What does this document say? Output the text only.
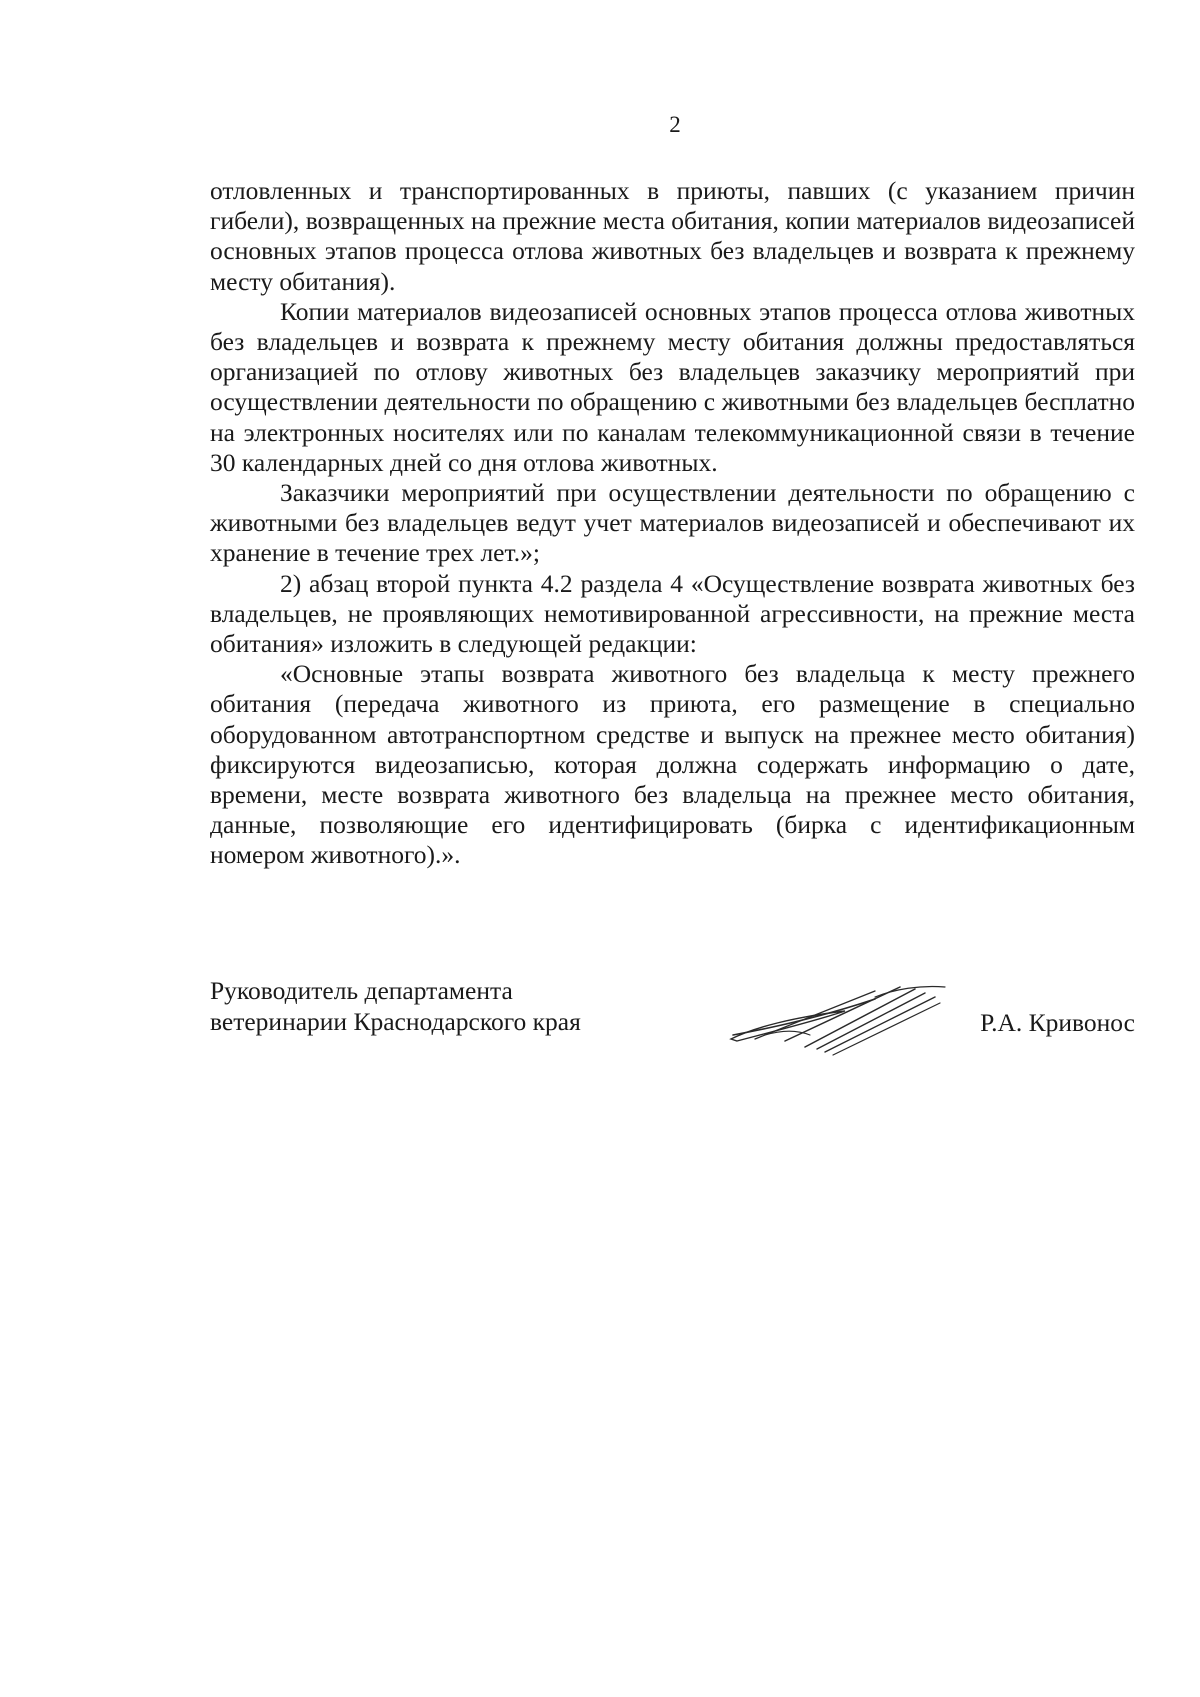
2

отловленных и транспортированных в приюты, павших (с указанием причин гибели), возвращенных на прежние места обитания, копии материалов видеозаписей основных этапов процесса отлова животных без владельцев и возврата к прежнему месту обитания).

Копии материалов видеозаписей основных этапов процесса отлова животных без владельцев и возврата к прежнему месту обитания должны предоставляться организацией по отлову животных без владельцев заказчику мероприятий при осуществлении деятельности по обращению с животными без владельцев бесплатно на электронных носителях или по каналам телекоммуникационной связи в течение 30 календарных дней со дня отлова животных.

Заказчики мероприятий при осуществлении деятельности по обращению с животными без владельцев ведут учет материалов видеозаписей и обеспечивают их хранение в течение трех лет.»;

2) абзац второй пункта 4.2 раздела 4 «Осуществление возврата животных без владельцев, не проявляющих немотивированной агрессивности, на прежние места обитания» изложить в следующей редакции:

«Основные этапы возврата животного без владельца к месту прежнего обитания (передача животного из приюта, его размещение в специально оборудованном автотранспортном средстве и выпуск на прежнее место обитания) фиксируются видеозаписью, которая должна содержать информацию о дате, времени, месте возврата животного без владельца на прежнее место обитания, данные, позволяющие его идентифицировать (бирка с идентификационным номером животного).».

Руководитель департамента
ветеринарии Краснодарского края	Р.А. Кривонос
